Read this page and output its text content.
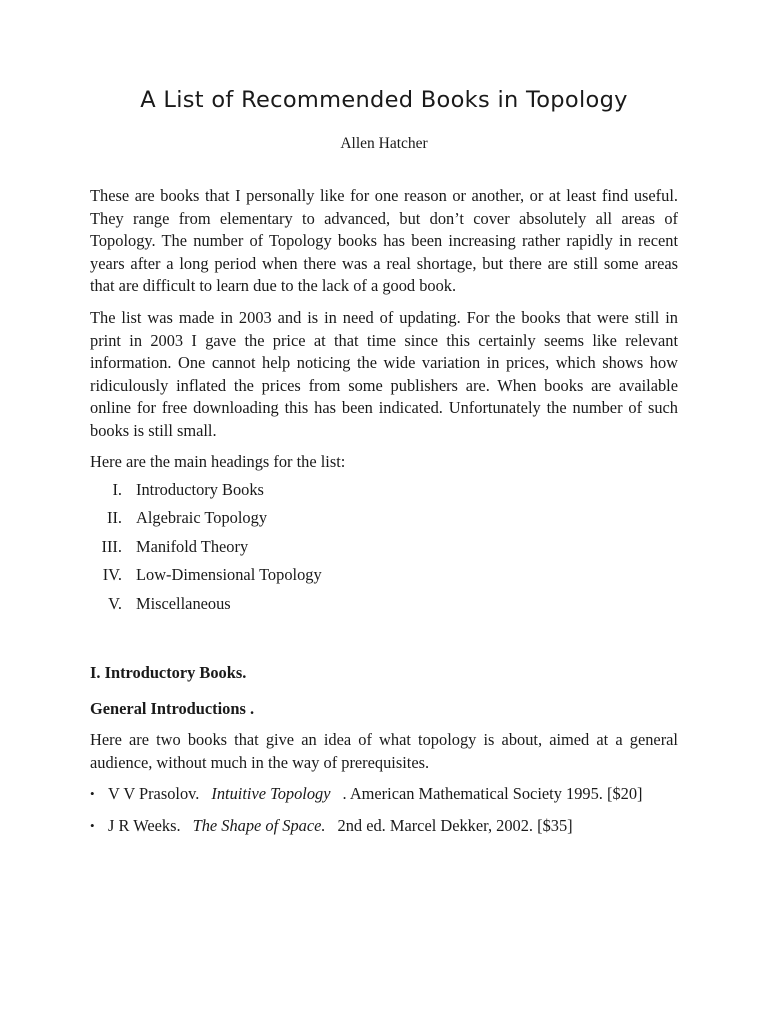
A List of Recommended Books in Topology
Allen Hatcher

These are books that I personally like for one reason or another, or at least find useful. They range from elementary to advanced, but don’t cover absolutely all areas of Topology. The number of Topology books has been increasing rather rapidly in recent years after a long period when there was a real shortage, but there are still some areas that are difficult to learn due to the lack of a good book.

The list was made in 2003 and is in need of updating. For the books that were still in print in 2003 I gave the price at that time since this certainly seems like relevant information. One cannot help noticing the wide variation in prices, which shows how ridiculously inflated the prices from some publishers are. When books are available online for free downloading this has been indicated. Unfortunately the number of such books is still small.

Here are the main headings for the list:

I. Introductory Books
II. Algebraic Topology
III. Manifold Theory
IV. Low-Dimensional Topology
V. Miscellaneous
I. Introductory Books.
General Introductions .

Here are two books that give an idea of what topology is about, aimed at a general audience, without much in the way of prerequisites.

• V V Prasolov. Intuitive Topology . American Mathematical Society 1995. [$20]
• J R Weeks. The Shape of Space. 2nd ed. Marcel Dekker, 2002. [$35]
